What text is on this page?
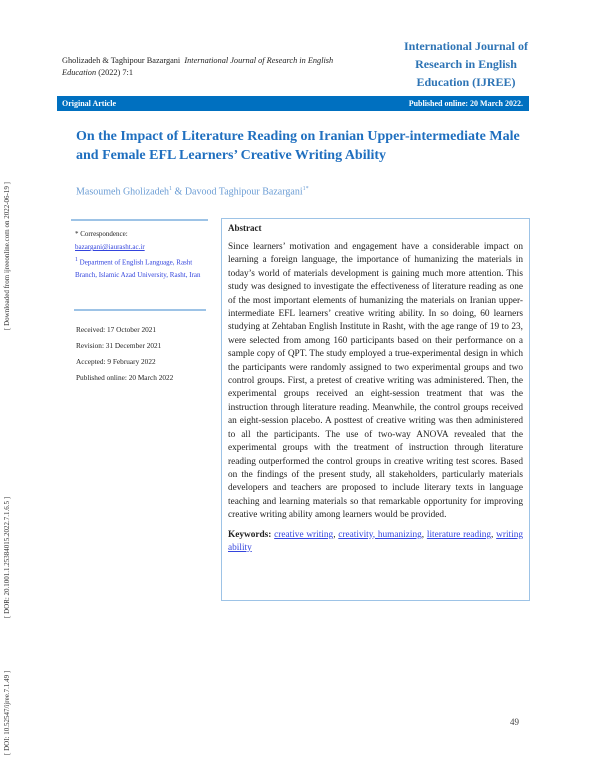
[ Downloaded from ijreeonline.com on 2022-06-19 ]
[ DOR: 20.1001.1.25384015.2022.7.1.6.5 ]
[ DOI: 10.52547/ijree.7.1.49 ]
Gholizadeh & Taghipour Bazargani International Journal of Research in English Education (2022) 7:1
International Journal of Research in English Education (IJREE)
Original Article	Published online: 20 March 2022.
On the Impact of Literature Reading on Iranian Upper-intermediate Male and Female EFL Learners’ Creative Writing Ability
Masoumeh Gholizadeh$^1$ & Davood Taghipour Bazargani$^{1*}$
* Correspondence:
bazargani@iaurasht.ac.ir
$^1$ Department of English Language, Rasht Branch, Islamic Azad University, Rasht, Iran
Received: 17 October 2021
Revision: 31 December 2021
Accepted: 9 February 2022
Published online: 20 March 2022
Abstract

Since learners’ motivation and engagement have a considerable impact on learning a foreign language, the importance of humanizing the materials in today’s world of materials development is gaining much more attention. This study was designed to investigate the effectiveness of literature reading as one of the most important elements of humanizing the materials on Iranian upper-intermediate EFL learners’ creative writing ability. In so doing, 60 learners studying at Zehtaban English Institute in Rasht, with the age range of 19 to 23, were selected from among 160 participants based on their performance on a sample copy of QPT. The study employed a true-experimental design in which the participants were randomly assigned to two experimental groups and two control groups. First, a pretest of creative writing was administered. Then, the experimental groups received an eight-session treatment that was the instruction through literature reading. Meanwhile, the control groups received an eight-session placebo. A posttest of creative writing was then administered to all the participants. The use of two-way ANOVA revealed that the experimental groups with the treatment of instruction through literature reading outperformed the control groups in creative writing test scores. Based on the findings of the present study, all stakeholders, particularly materials developers and teachers are proposed to include literary texts in language teaching and learning materials so that remarkable opportunity for improving creative writing ability among learners would be provided.

Keywords: creative writing, creativity, humanizing, literature reading, writing ability
49
